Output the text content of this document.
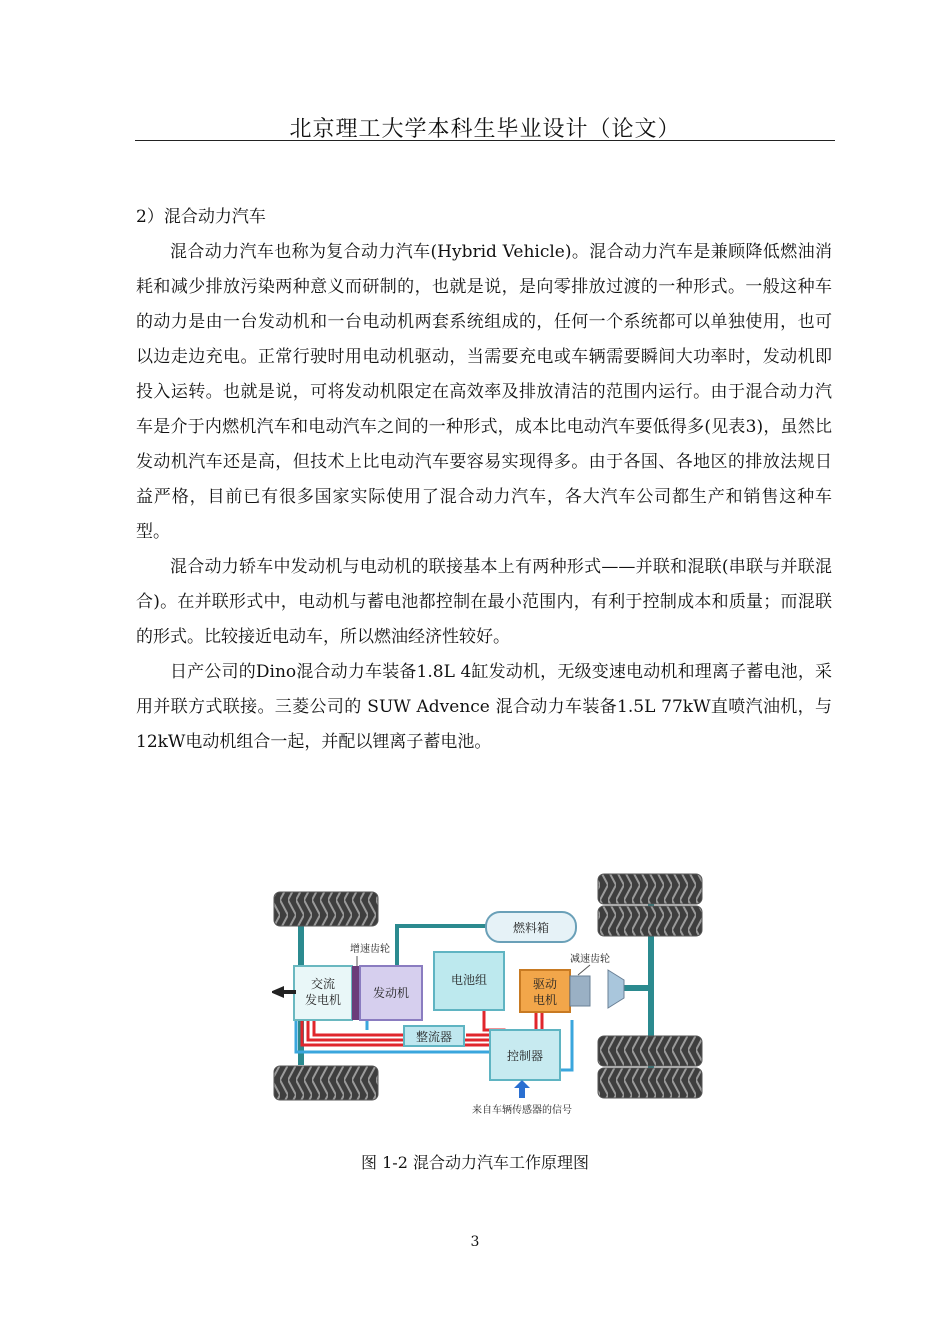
北京理工大学本科生毕业设计（论文）

2）混合动力汽车

混合动力汽车也称为复合动力汽车(Hybrid Vehicle)。混合动力汽车是兼顾降低燃油消耗和减少排放污染两种意义而研制的，也就是说，是向零排放过渡的一种形式。一般这种车的动力是由一台发动机和一台电动机两套系统组成的，任何一个系统都可以单独使用，也可以边走边充电。正常行驶时用电动机驱动，当需要充电或车辆需要瞬间大功率时，发动机即投入运转。也就是说，可将发动机限定在高效率及排放清洁的范围内运行。由于混合动力汽车是介于内燃机汽车和电动汽车之间的一种形式，成本比电动汽车要低得多(见表3)，虽然比发动机汽车还是高，但技术上比电动汽车要容易实现得多。由于各国、各地区的排放法规日益严格，目前已有很多国家实际使用了混合动力汽车，各大汽车公司都生产和销售这种车型。

混合动力轿车中发动机与电动机的联接基本上有两种形式——并联和混联(串联与并联混合)。在并联形式中，电动机与蓄电池都控制在最小范围内，有利于控制成本和质量；而混联的形式。比较接近电动车，所以燃油经济性较好。

日产公司的Dino混合动力车装备1.8L 4缸发动机，无级变速电动机和理离子蓄电池，采用并联方式联接。三菱公司的 SUW Advence 混合动力车装备1.5L 77kW直喷汽油机，与12kW电动机组合一起，并配以锂离子蓄电池。

燃料箱
增速齿轮
交流
发电机	发动机
电池组
减速齿轮
驱动
电机
整流器
控制器
来自车辆传感器的信号
图 1-2 混合动力汽车工作原理图
3
